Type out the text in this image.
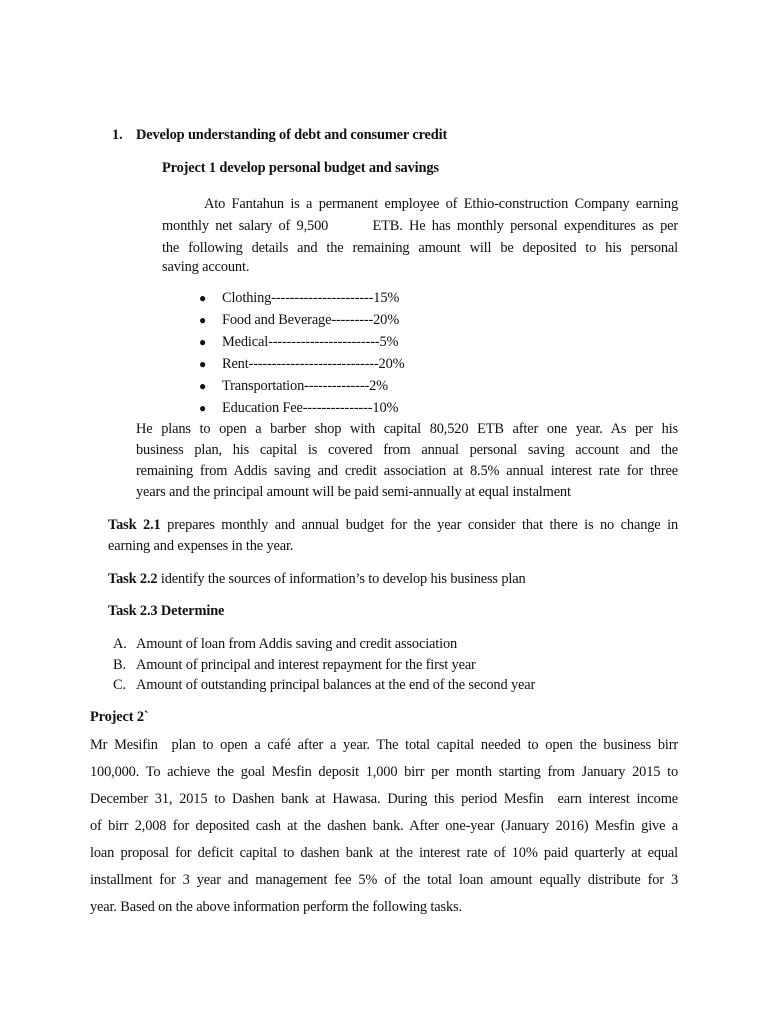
1. Develop understanding of debt and consumer credit
Project 1 develop personal budget and savings
Ato Fantahun is a permanent employee of Ethio-construction Company earning
monthly net salary of 9,500       ETB. He has monthly personal expenditures as per
the following details and the remaining amount will be deposited to his personal
saving account.
● Clothing----------------------15%
● Food and Beverage---------20%
● Medical------------------------5%
● Rent----------------------------20%
● Transportation--------------2%
● Education Fee---------------10%
He plans to open a barber shop with capital 80,520 ETB after one year. As per his
business plan, his capital is covered from annual personal saving account and the
remaining from Addis saving and credit association at 8.5% annual interest rate for three
years and the principal amount will be paid semi-annually at equal instalment
Task 2.1 prepares monthly and annual budget for the year consider that there is no change in
earning and expenses in the year.
Task 2.2 identify the sources of information’s to develop his business plan
Task 2.3 Determine
A. Amount of loan from Addis saving and credit association
B. Amount of principal and interest repayment for the first year
C. Amount of outstanding principal balances at the end of the second year
Project 2`
Mr Mesifin  plan to open a café after a year. The total capital needed to open the business birr
100,000. To achieve the goal Mesfin deposit 1,000 birr per month starting from January 2015 to
December 31, 2015 to Dashen bank at Hawasa. During this period Mesfin  earn interest income
of birr 2,008 for deposited cash at the dashen bank. After one-year (January 2016) Mesfin give a
loan proposal for deficit capital to dashen bank at the interest rate of 10% paid quarterly at equal
installment for 3 year and management fee 5% of the total loan amount equally distribute for 3
year. Based on the above information perform the following tasks.
